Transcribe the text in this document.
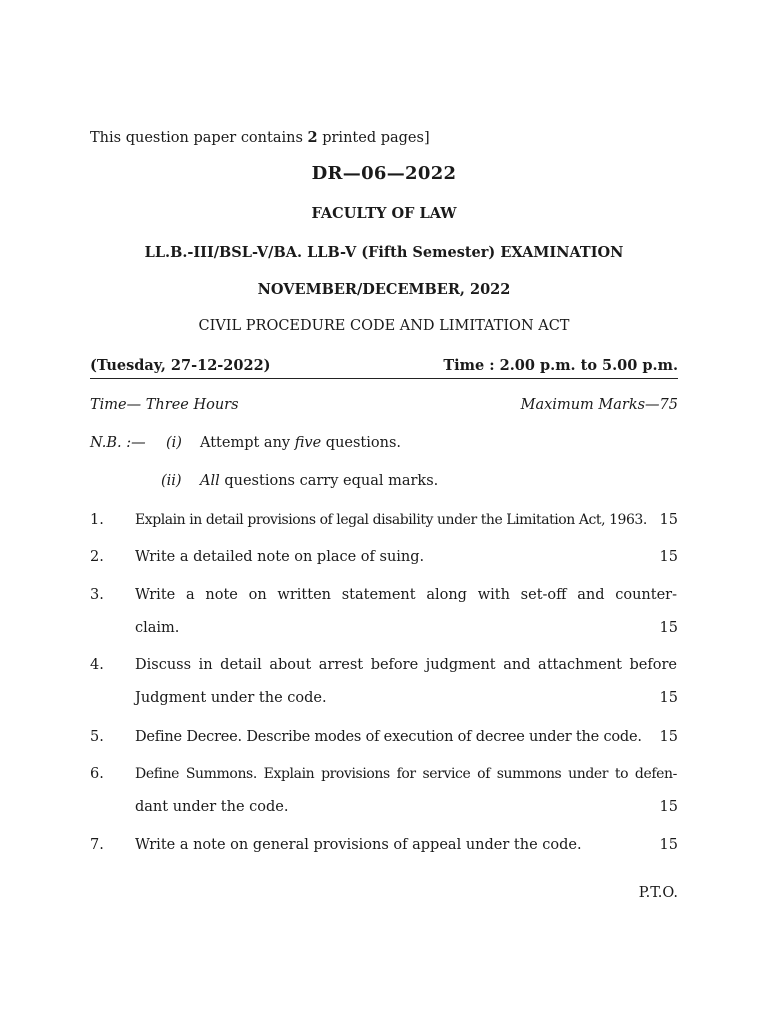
This question paper contains 2 printed pages]
DR—06—2022
FACULTY OF LAW
LL.B.-III/BSL-V/BA. LLB-V (Fifth Semester) EXAMINATION
NOVEMBER/DECEMBER, 2022
CIVIL PROCEDURE CODE AND LIMITATION ACT
(Tuesday, 27-12-2022)	Time : 2.00 p.m. to 5.00 p.m.
Time— Three Hours	Maximum Marks—75
N.B. :— (i) Attempt any five questions.
(ii) All questions carry equal marks.
1. Explain in detail provisions of legal disability under the Limitation Act, 1963. 15
2. Write a detailed note on place of suing.	15
3. Write a note on written statement along with set-off and counter-
claim.	15
4. Discuss in detail about arrest before judgment and attachment before
Judgment under the code.	15
5. Define Decree. Describe modes of execution of decree under the code. 15
6. Define Summons. Explain provisions for service of summons under to defen-
dant under the code.	15
7. Write a note on general provisions of appeal under the code.	15
P.T.O.
